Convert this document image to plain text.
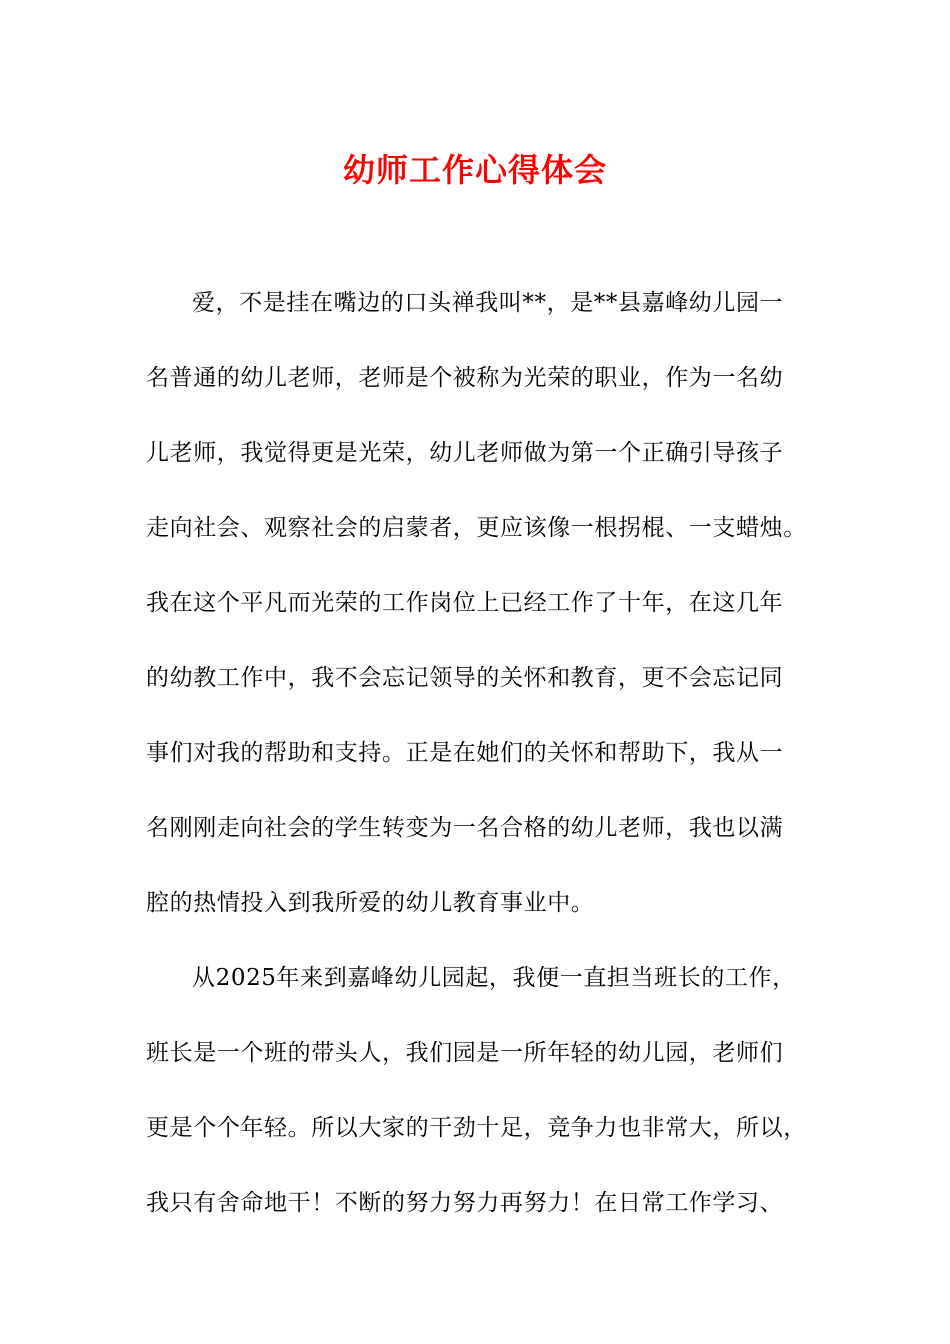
幼师工作心得体会
爱，不是挂在嘴边的口头禅我叫**，是**县嘉峰幼儿园一
名普通的幼儿老师，老师是个被称为光荣的职业，作为一名幼
儿老师，我觉得更是光荣，幼儿老师做为第一个正确引导孩子
走向社会、观察社会的启蒙者，更应该像一根拐棍、一支蜡烛。
我在这个平凡而光荣的工作岗位上已经工作了十年，在这几年
的幼教工作中，我不会忘记领导的关怀和教育，更不会忘记同
事们对我的帮助和支持。正是在她们的关怀和帮助下，我从一
名刚刚走向社会的学生转变为一名合格的幼儿老师，我也以满
腔的热情投入到我所爱的幼儿教育事业中。
从2025年来到嘉峰幼儿园起，我便一直担当班长的工作，
班长是一个班的带头人，我们园是一所年轻的幼儿园，老师们
更是个个年轻。所以大家的干劲十足，竞争力也非常大，所以，
我只有舍命地干！不断的努力努力再努力！在日常工作学习、
